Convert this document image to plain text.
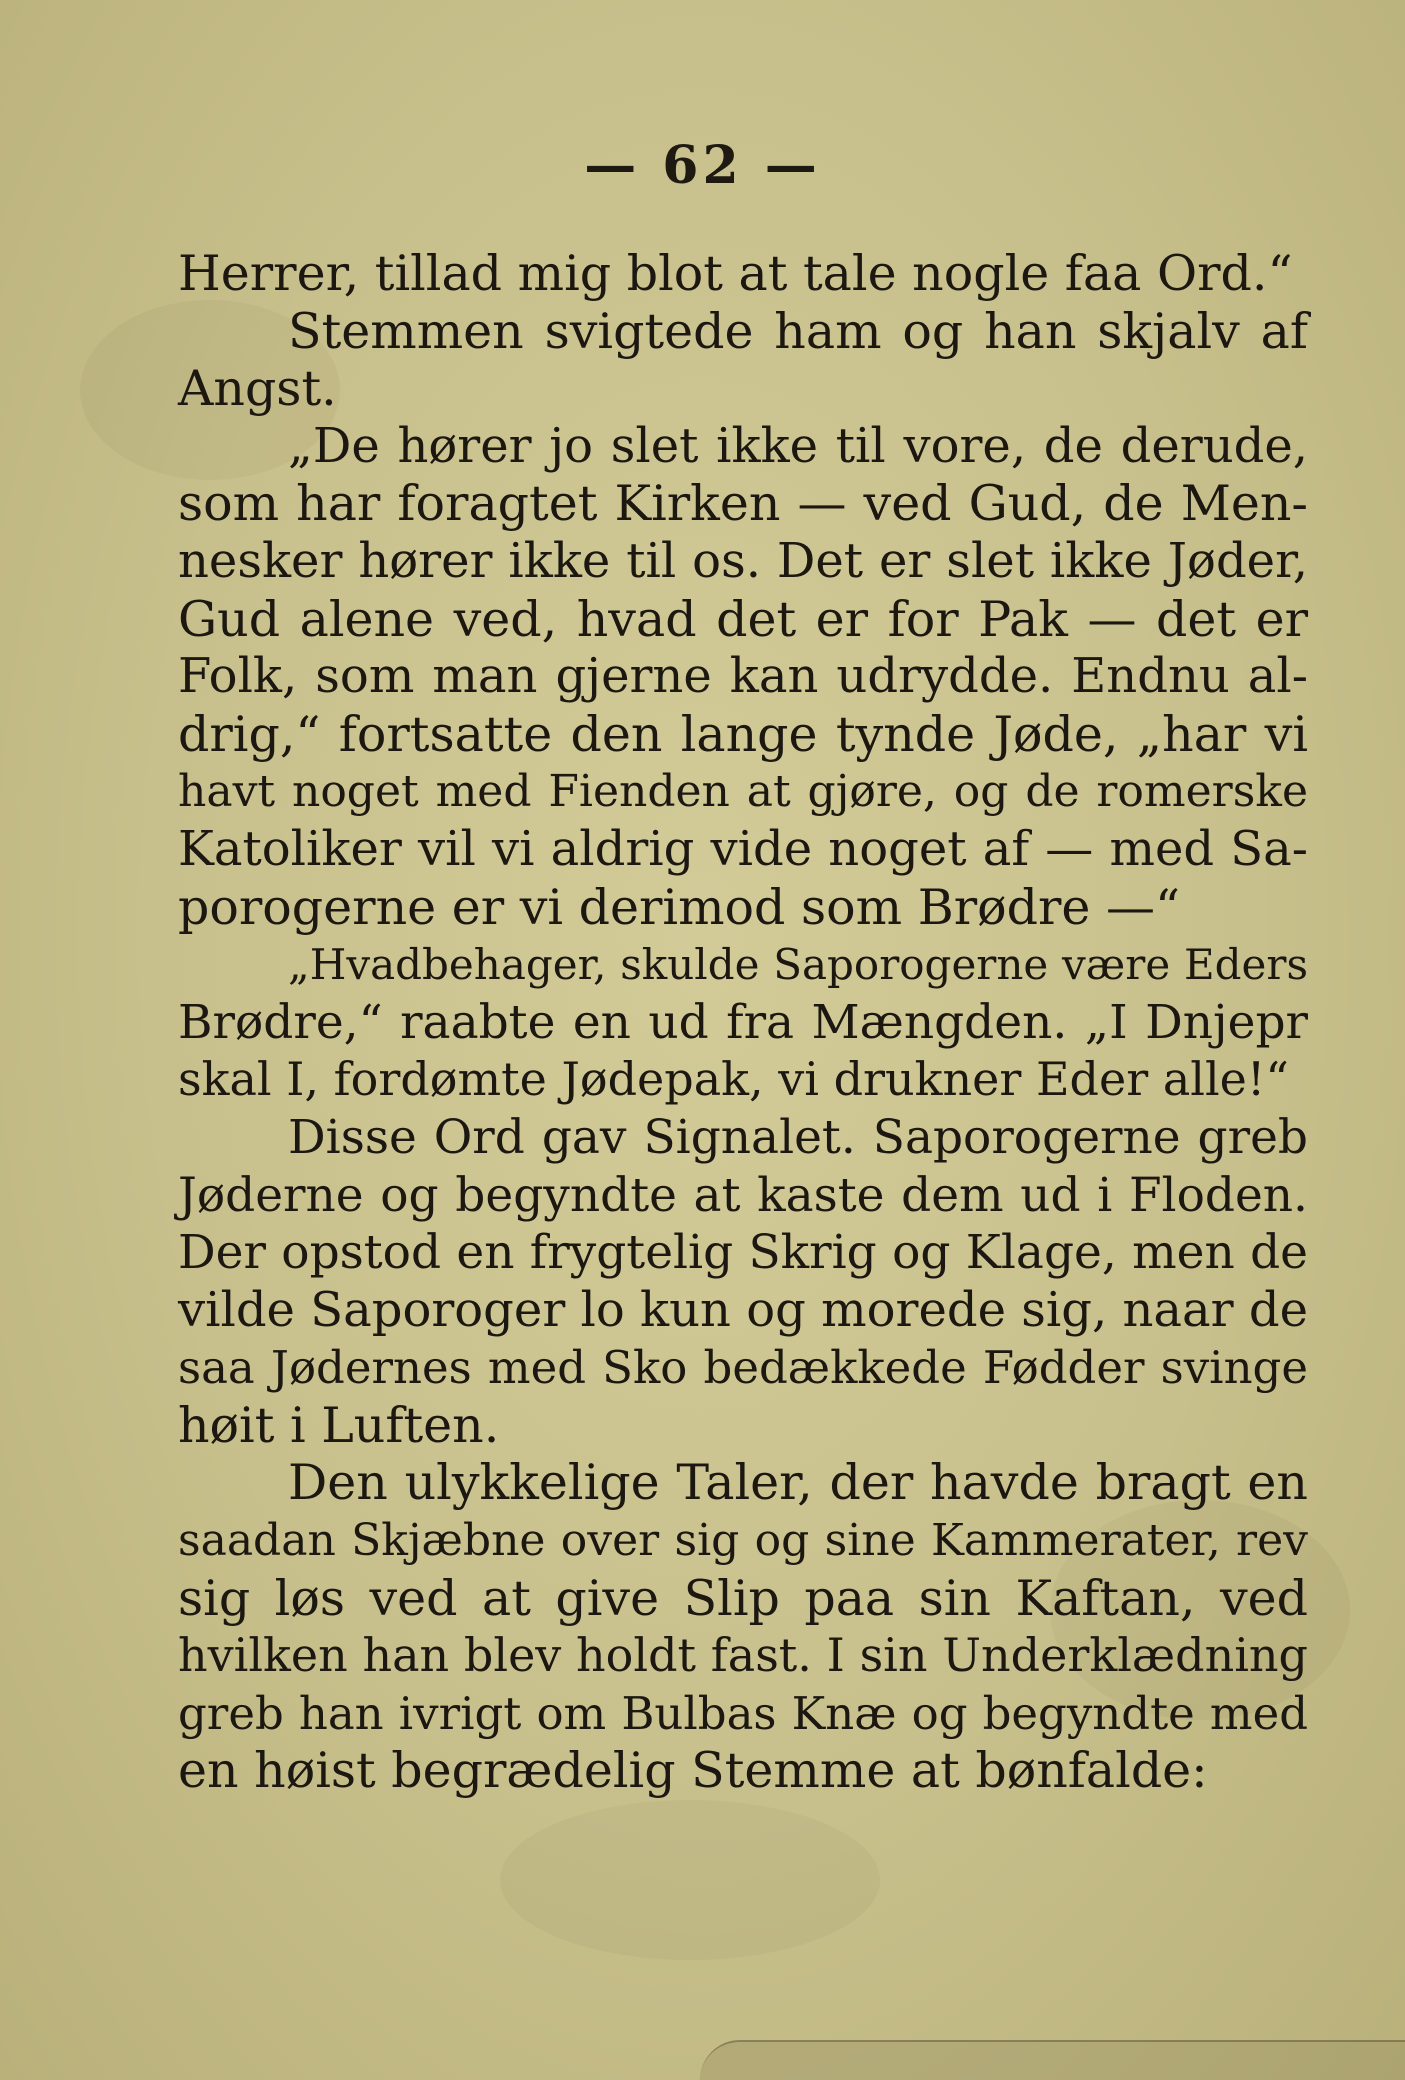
— 62 —
Herrer, tillad mig blot at tale nogle faa Ord.“
Stemmen svigtede ham og han skjalv af
Angst.
„De hører jo slet ikke til vore, de derude,
som har foragtet Kirken — ved Gud, de Men-
nesker hører ikke til os. Det er slet ikke Jøder,
Gud alene ved, hvad det er for Pak — det er
Folk, som man gjerne kan udrydde. Endnu al-
drig,“ fortsatte den lange tynde Jøde, „har vi
havt noget med Fienden at gjøre, og de romerske
Katoliker vil vi aldrig vide noget af — med Sa-
porogerne er vi derimod som Brødre —“
„Hvadbehager, skulde Saporogerne være Eders
Brødre,“ raabte en ud fra Mængden. „I Dnjepr
skal I, fordømte Jødepak, vi drukner Eder alle!“
Disse Ord gav Signalet. Saporogerne greb
Jøderne og begyndte at kaste dem ud i Floden.
Der opstod en frygtelig Skrig og Klage, men de
vilde Saporoger lo kun og morede sig, naar de
saa Jødernes med Sko bedækkede Fødder svinge
høit i Luften.
Den ulykkelige Taler, der havde bragt en
saadan Skjæbne over sig og sine Kammerater, rev
sig løs ved at give Slip paa sin Kaftan, ved
hvilken han blev holdt fast. I sin Underklædning
greb han ivrigt om Bulbas Knæ og begyndte med
en høist begrædelig Stemme at bønfalde:
